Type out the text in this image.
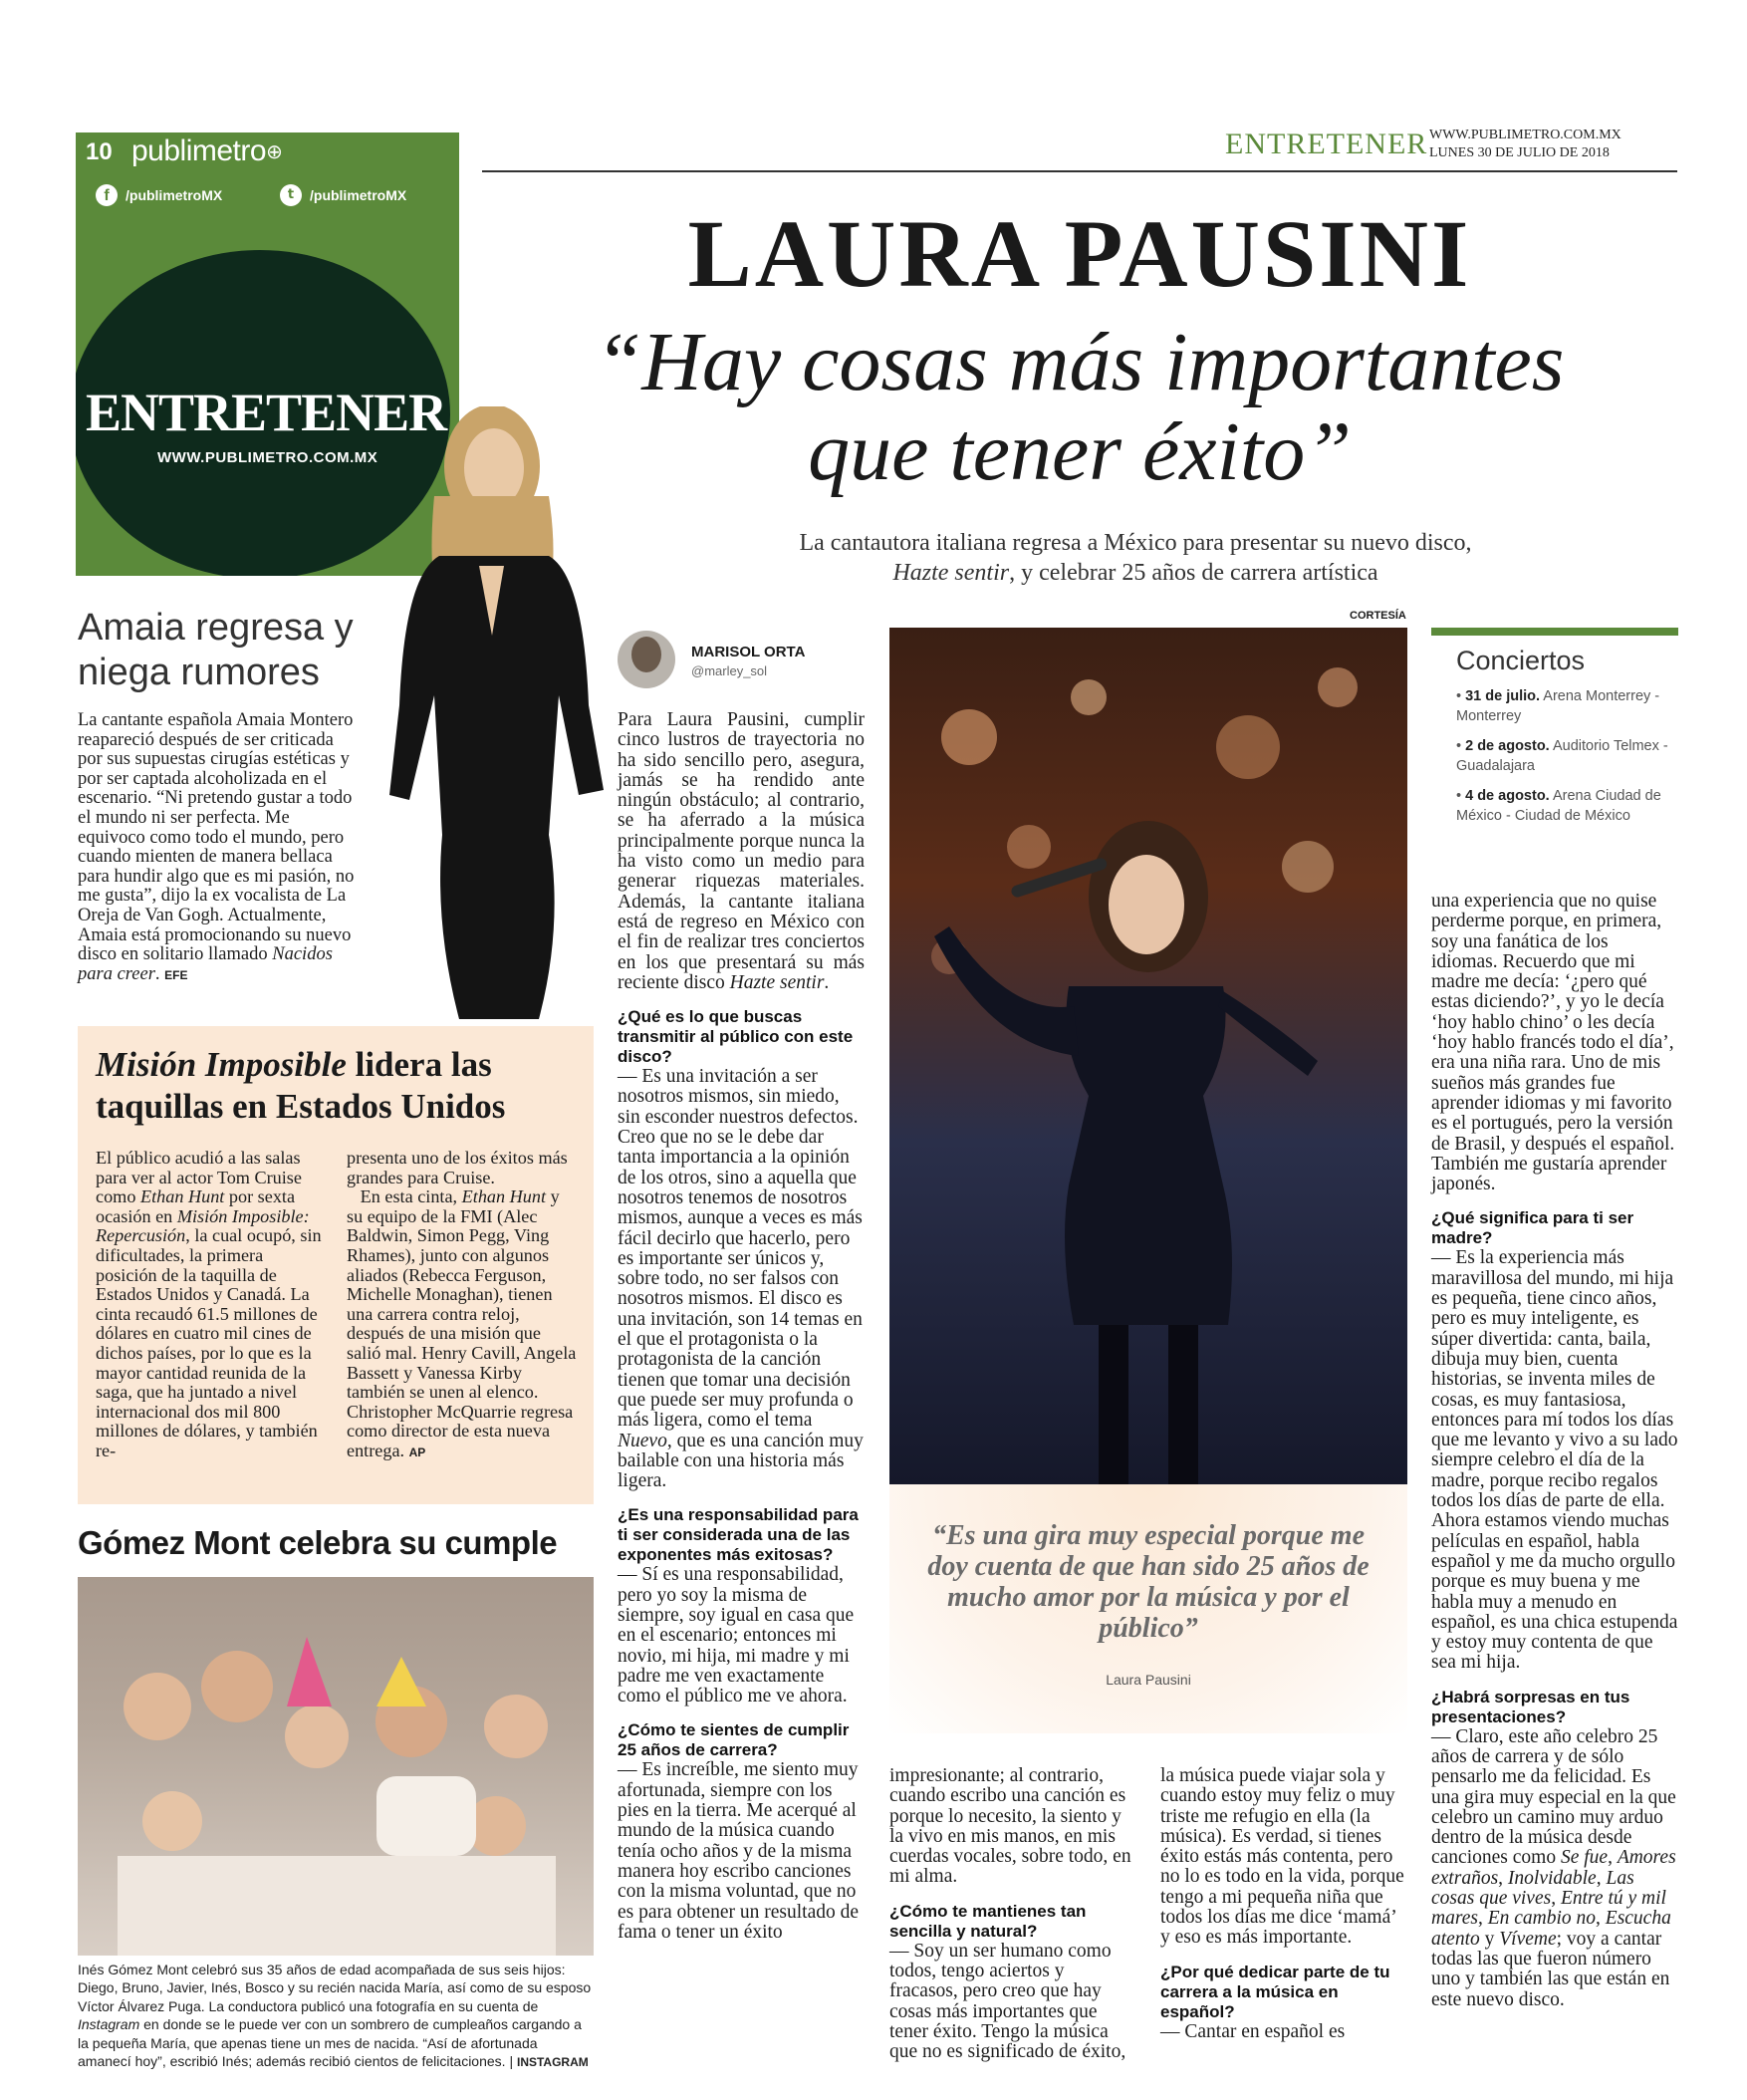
10 publimetro⊕
f	/publimetroMX	t	/publimetroMX
ENTRETENER
WWW.PUBLIMETRO.COM.MX
ENTRETENER WWW.PUBLIMETRO.COM.MX
LUNES 30 DE JULIO DE 2018
LAURA PAUSINI
“Hay cosas más importantes
que tener éxito”
La cantautora italiana regresa a México para presentar su nuevo disco,
Hazte sentir, y celebrar 25 años de carrera artística
MARISOL ORTA
@marley_sol
CORTESÍA
“Es una gira muy especial porque me doy cuenta de que han sido 25 años de mucho amor por la música y por el público”
Laura Pausini

Para Laura Pausini, cumplir cinco lustros de trayectoria no ha sido sencillo pero, asegura, jamás se ha rendido ante ningún obstáculo; al contrario, se ha aferrado a la música principalmente porque nunca la ha visto como un medio para generar riquezas materiales. Además, la cantante italiana está de regreso en México con el fin de realizar tres conciertos en los que presentará su más reciente disco Hazte sentir.

¿Qué es lo que buscas transmitir al público con este disco?

— Es una invitación a ser nosotros mismos, sin miedo, sin esconder nuestros defectos. Creo que no se le debe dar tanta importancia a la opinión de los otros, sino a aquella que nosotros tenemos de nosotros mismos, aunque a veces es más fácil decirlo que hacerlo, pero es importante ser únicos y, sobre todo, no ser falsos con nosotros mismos. El disco es una invitación, son 14 temas en el que el protagonista o la protagonista de la canción tienen que tomar una decisión que puede ser muy profunda o más ligera, como el tema Nuevo, que es una canción muy bailable con una historia más ligera.

¿Es una responsabilidad para ti ser considerada una de las exponentes más exitosas?

— Sí es una responsabilidad, pero yo soy la misma de siempre, soy igual en casa que en el escenario; entonces mi novio, mi hija, mi madre y mi padre me ven exactamente como el público me ve ahora.

¿Cómo te sientes de cumplir 25 años de carrera?

— Es increíble, me siento muy afortunada, siempre con los pies en la tierra. Me acerqué al mundo de la música cuando tenía ocho años y de la misma manera hoy escribo canciones con la misma voluntad, que no es para obtener un resultado de fama o tener un éxito

impresionante; al contrario, cuando escribo una canción es porque lo necesito, la siento y la vivo en mis manos, en mis cuerdas vocales, sobre todo, en mi alma.

¿Cómo te mantienes tan sencilla y natural?

— Soy un ser humano como todos, tengo aciertos y fracasos, pero creo que hay cosas más importantes que tener éxito. Tengo la música que no es significado de éxito,

la música puede viajar sola y cuando estoy muy feliz o muy triste me refugio en ella (la música). Es verdad, si tienes éxito estás más contenta, pero no lo es todo en la vida, porque tengo a mi pequeña niña que todos los días me dice ‘mamá’ y eso es más importante.

¿Por qué dedicar parte de tu carrera a la música en español?

— Cantar en español es

Conciertos
• 31 de julio. Arena Monterrey - Monterrey
• 2 de agosto. Auditorio Telmex - Guadalajara
• 4 de agosto. Arena Ciudad de México - Ciudad de México

una experiencia que no quise perderme porque, en primera, soy una fanática de los idiomas. Recuerdo que mi madre me decía: ‘¿pero qué estas diciendo?’, y yo le decía ‘hoy hablo chino’ o les decía ‘hoy hablo francés todo el día’, era una niña rara. Uno de mis sueños más grandes fue aprender idiomas y mi favorito es el portugués, pero la versión de Brasil, y después el español. También me gustaría aprender japonés.

¿Qué significa para ti ser madre?

— Es la experiencia más maravillosa del mundo, mi hija es pequeña, tiene cinco años, pero es muy inteligente, es súper divertida: canta, baila, dibuja muy bien, cuenta historias, se inventa miles de cosas, es muy fantasiosa, entonces para mí todos los días que me levanto y vivo a su lado siempre celebro el día de la madre, porque recibo regalos todos los días de parte de ella. Ahora estamos viendo muchas películas en español, habla español y me da mucho orgullo porque es muy buena y me habla muy a menudo en español, es una chica estupenda y estoy muy contenta de que sea mi hija.

¿Habrá sorpresas en tus presentaciones?

— Claro, este año celebro 25 años de carrera y de sólo pensarlo me da felicidad. Es una gira muy especial en la que celebro un camino muy arduo dentro de la música desde canciones como Se fue, Amores extraños, Inolvidable, Las cosas que vives, Entre tú y mil mares, En cambio no, Escucha atento y Víveme; voy a cantar todas las que fueron número uno y también las que están en este nuevo disco.

Amaia regresa y
niega rumores

La cantante española Amaia Montero reapareció después de ser criticada por sus supuestas cirugías estéticas y por ser captada alcoholizada en el escenario. “Ni pretendo gustar a todo el mundo ni ser perfecta. Me equivoco como todo el mundo, pero cuando mienten de manera bellaca para hundir algo que es mi pasión, no me gusta”, dijo la ex vocalista de La Oreja de Van Gogh. Actualmente, Amaia está promocionando su nuevo disco en solitario llamado Nacidos para creer. EFE

Misión Imposible lidera las taquillas en Estados Unidos

El público acudió a las salas para ver al actor Tom Cruise como Ethan Hunt por sexta ocasión en Misión Imposible: Repercusión, la cual ocupó, sin dificultades, la primera posición de la taquilla de Estados Unidos y Canadá. La cinta recaudó 61.5 millones de dólares en cuatro mil cines de dichos países, por lo que es la mayor cantidad reunida de la saga, que ha juntado a nivel internacional dos mil 800 millones de dólares, y también re-

presenta uno de los éxitos más grandes para Cruise.
En esta cinta, Ethan Hunt y su equipo de la FMI (Alec Baldwin, Simon Pegg, Ving Rhames), junto con algunos aliados (Rebecca Ferguson, Michelle Monaghan), tienen una carrera contra reloj, después de una misión que salió mal. Henry Cavill, Angela Bassett y Vanessa Kirby también se unen al elenco. Christopher McQuarrie regresa como director de esta nueva entrega. AP

Gómez Mont celebra su cumple

Inés Gómez Mont celebró sus 35 años de edad acompañada de sus seis hijos: Diego, Bruno, Javier, Inés, Bosco y su recién nacida María, así como de su esposo Víctor Álvarez Puga. La conductora publicó una fotografía en su cuenta de Instagram en donde se le puede ver con un sombrero de cumpleaños cargando a la pequeña María, que apenas tiene un mes de nacida. “Así de afortunada amanecí hoy”, escribió Inés; además recibió cientos de felicitaciones. | INSTAGRAM
